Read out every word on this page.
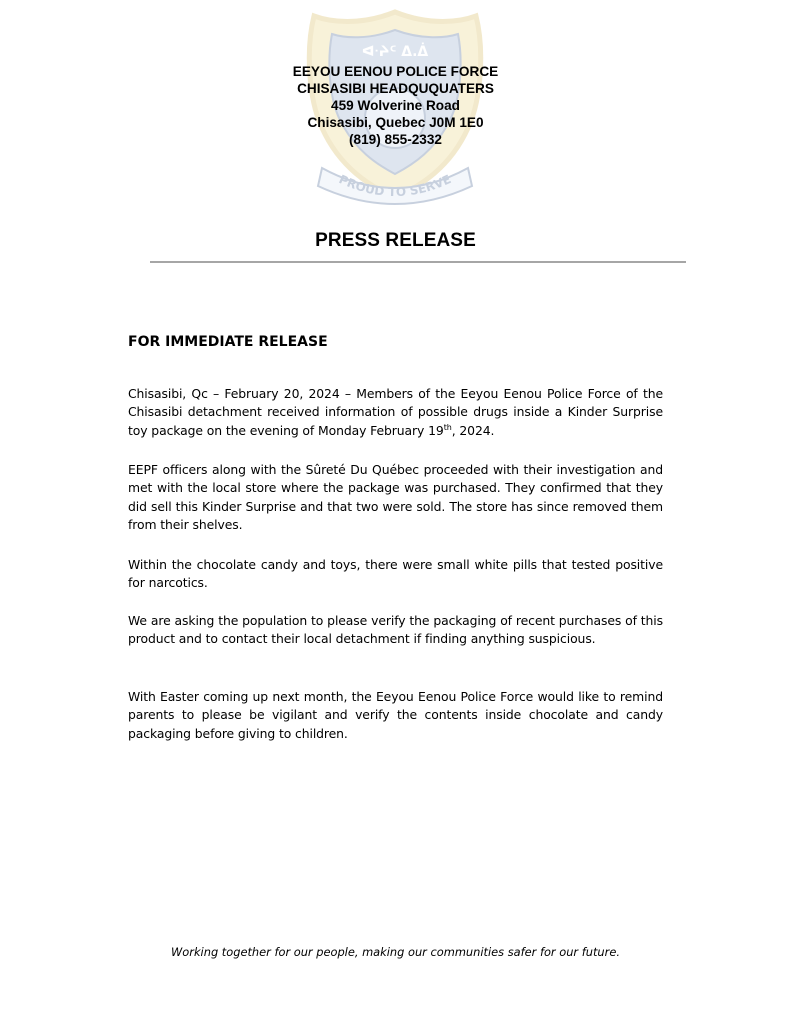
ᐊᐧᔨᑦ ᐃ.ᐄ
PROUD TO SERVE
EEYOU EENOU POLICE FORCE
CHISASIBI HEADQUQUATERS
459 Wolverine Road
Chisasibi, Quebec J0M 1E0
(819) 855-2332
PRESS RELEASE
FOR IMMEDIATE RELEASE
Chisasibi, Qc – February 20, 2024 – Members of the Eeyou Eenou Police Force of the Chisasibi detachment received information of possible drugs inside a Kinder Surprise toy package on the evening of Monday February 19th, 2024.
EEPF officers along with the Sûreté Du Québec proceeded with their investigation and met with the local store where the package was purchased. They confirmed that they did sell this Kinder Surprise and that two were sold. The store has since removed them from their shelves.
Within the chocolate candy and toys, there were small white pills that tested positive for narcotics.
We are asking the population to please verify the packaging of recent purchases of this product and to contact their local detachment if finding anything suspicious.
With Easter coming up next month, the Eeyou Eenou Police Force would like to remind parents to please be vigilant and verify the contents inside chocolate and candy packaging before giving to children.
Working together for our people, making our communities safer for our future.
